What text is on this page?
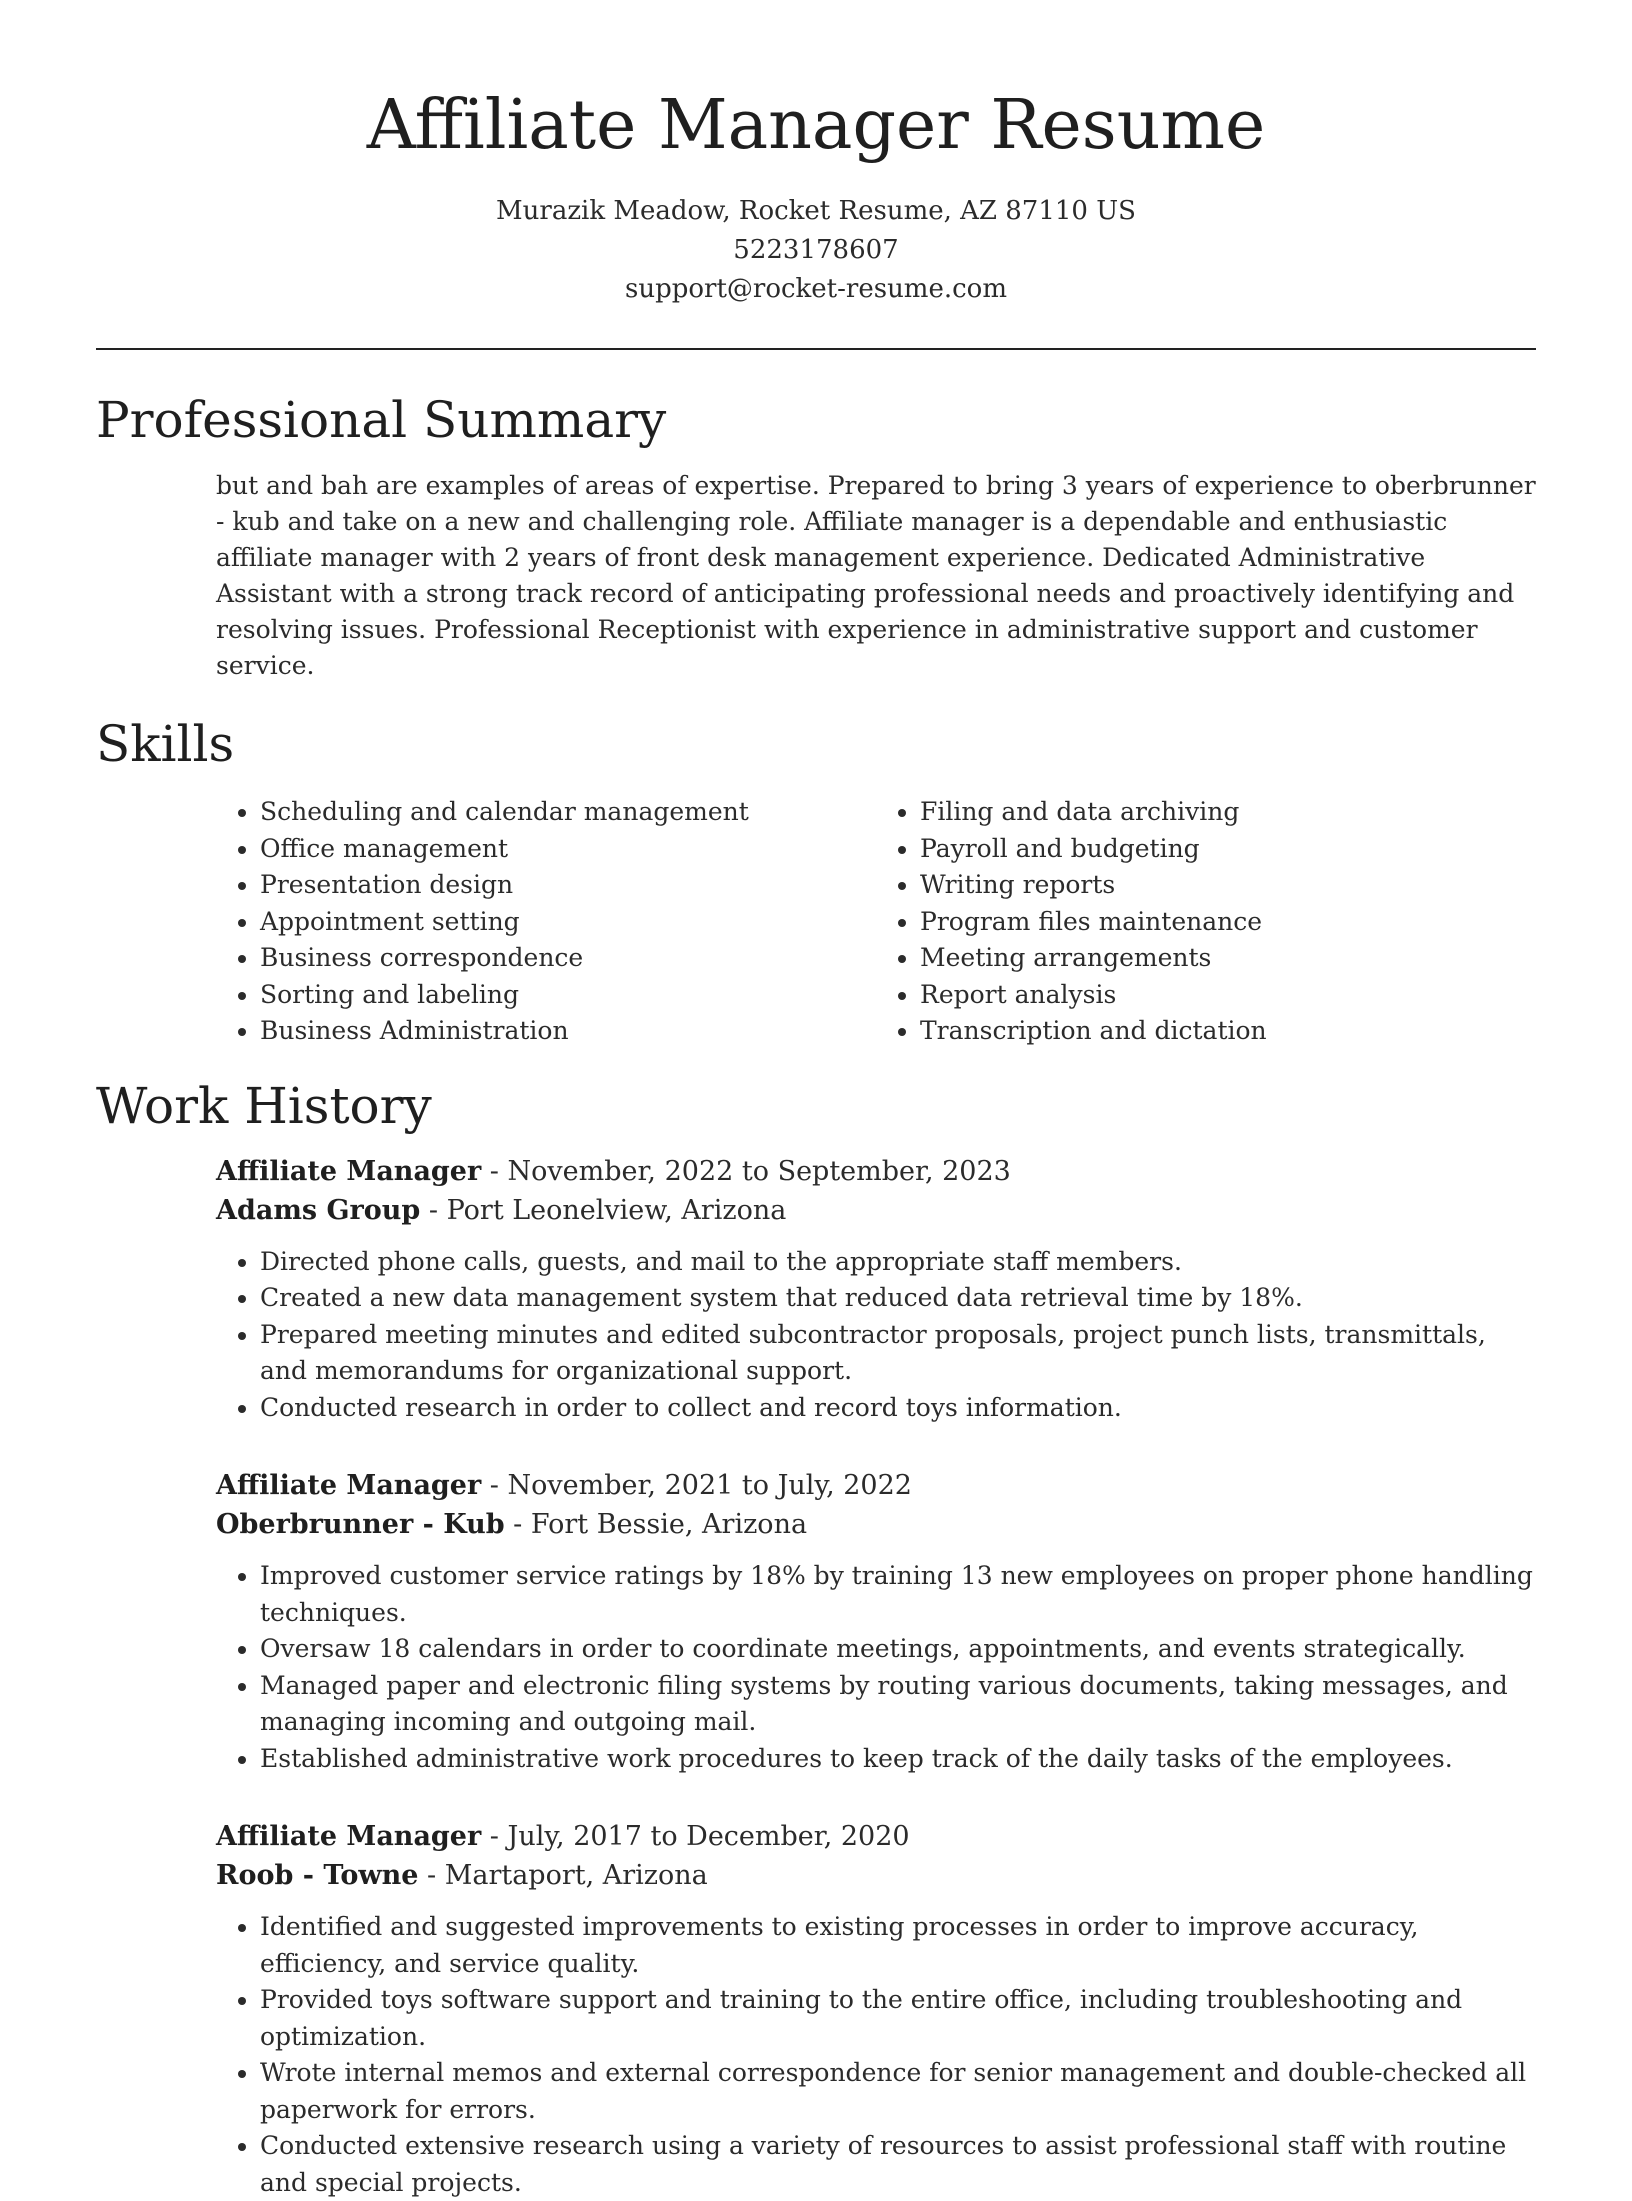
Affiliate Manager Resume
Murazik Meadow, Rocket Resume, AZ 87110 US
5223178607
support@rocket-resume.com
Professional Summary
but and bah are examples of areas of expertise. Prepared to bring 3 years of experience to oberbrunner - kub and take on a new and challenging role. Affiliate manager is a dependable and enthusiastic affiliate manager with 2 years of front desk management experience. Dedicated Administrative Assistant with a strong track record of anticipating professional needs and proactively identifying and resolving issues. Professional Receptionist with experience in administrative support and customer service.
Skills
• Scheduling and calendar management
• Office management
• Presentation design
• Appointment setting
• Business correspondence
• Sorting and labeling
• Business Administration
• Filing and data archiving
• Payroll and budgeting
• Writing reports
• Program files maintenance
• Meeting arrangements
• Report analysis
• Transcription and dictation
Work History
Affiliate Manager - November, 2022 to September, 2023
Adams Group - Port Leonelview, Arizona
• Directed phone calls, guests, and mail to the appropriate staff members.
• Created a new data management system that reduced data retrieval time by 18%.
• Prepared meeting minutes and edited subcontractor proposals, project punch lists, transmittals, and memorandums for organizational support.
• Conducted research in order to collect and record toys information.
Affiliate Manager - November, 2021 to July, 2022
Oberbrunner - Kub - Fort Bessie, Arizona
• Improved customer service ratings by 18% by training 13 new employees on proper phone handling techniques.
• Oversaw 18 calendars in order to coordinate meetings, appointments, and events strategically.
• Managed paper and electronic filing systems by routing various documents, taking messages, and managing incoming and outgoing mail.
• Established administrative work procedures to keep track of the daily tasks of the employees.
Affiliate Manager - July, 2017 to December, 2020
Roob - Towne - Martaport, Arizona
• Identified and suggested improvements to existing processes in order to improve accuracy, efficiency, and service quality.
• Provided toys software support and training to the entire office, including troubleshooting and optimization.
• Wrote internal memos and external correspondence for senior management and double-checked all paperwork for errors.
• Conducted extensive research using a variety of resources to assist professional staff with routine and special projects.
